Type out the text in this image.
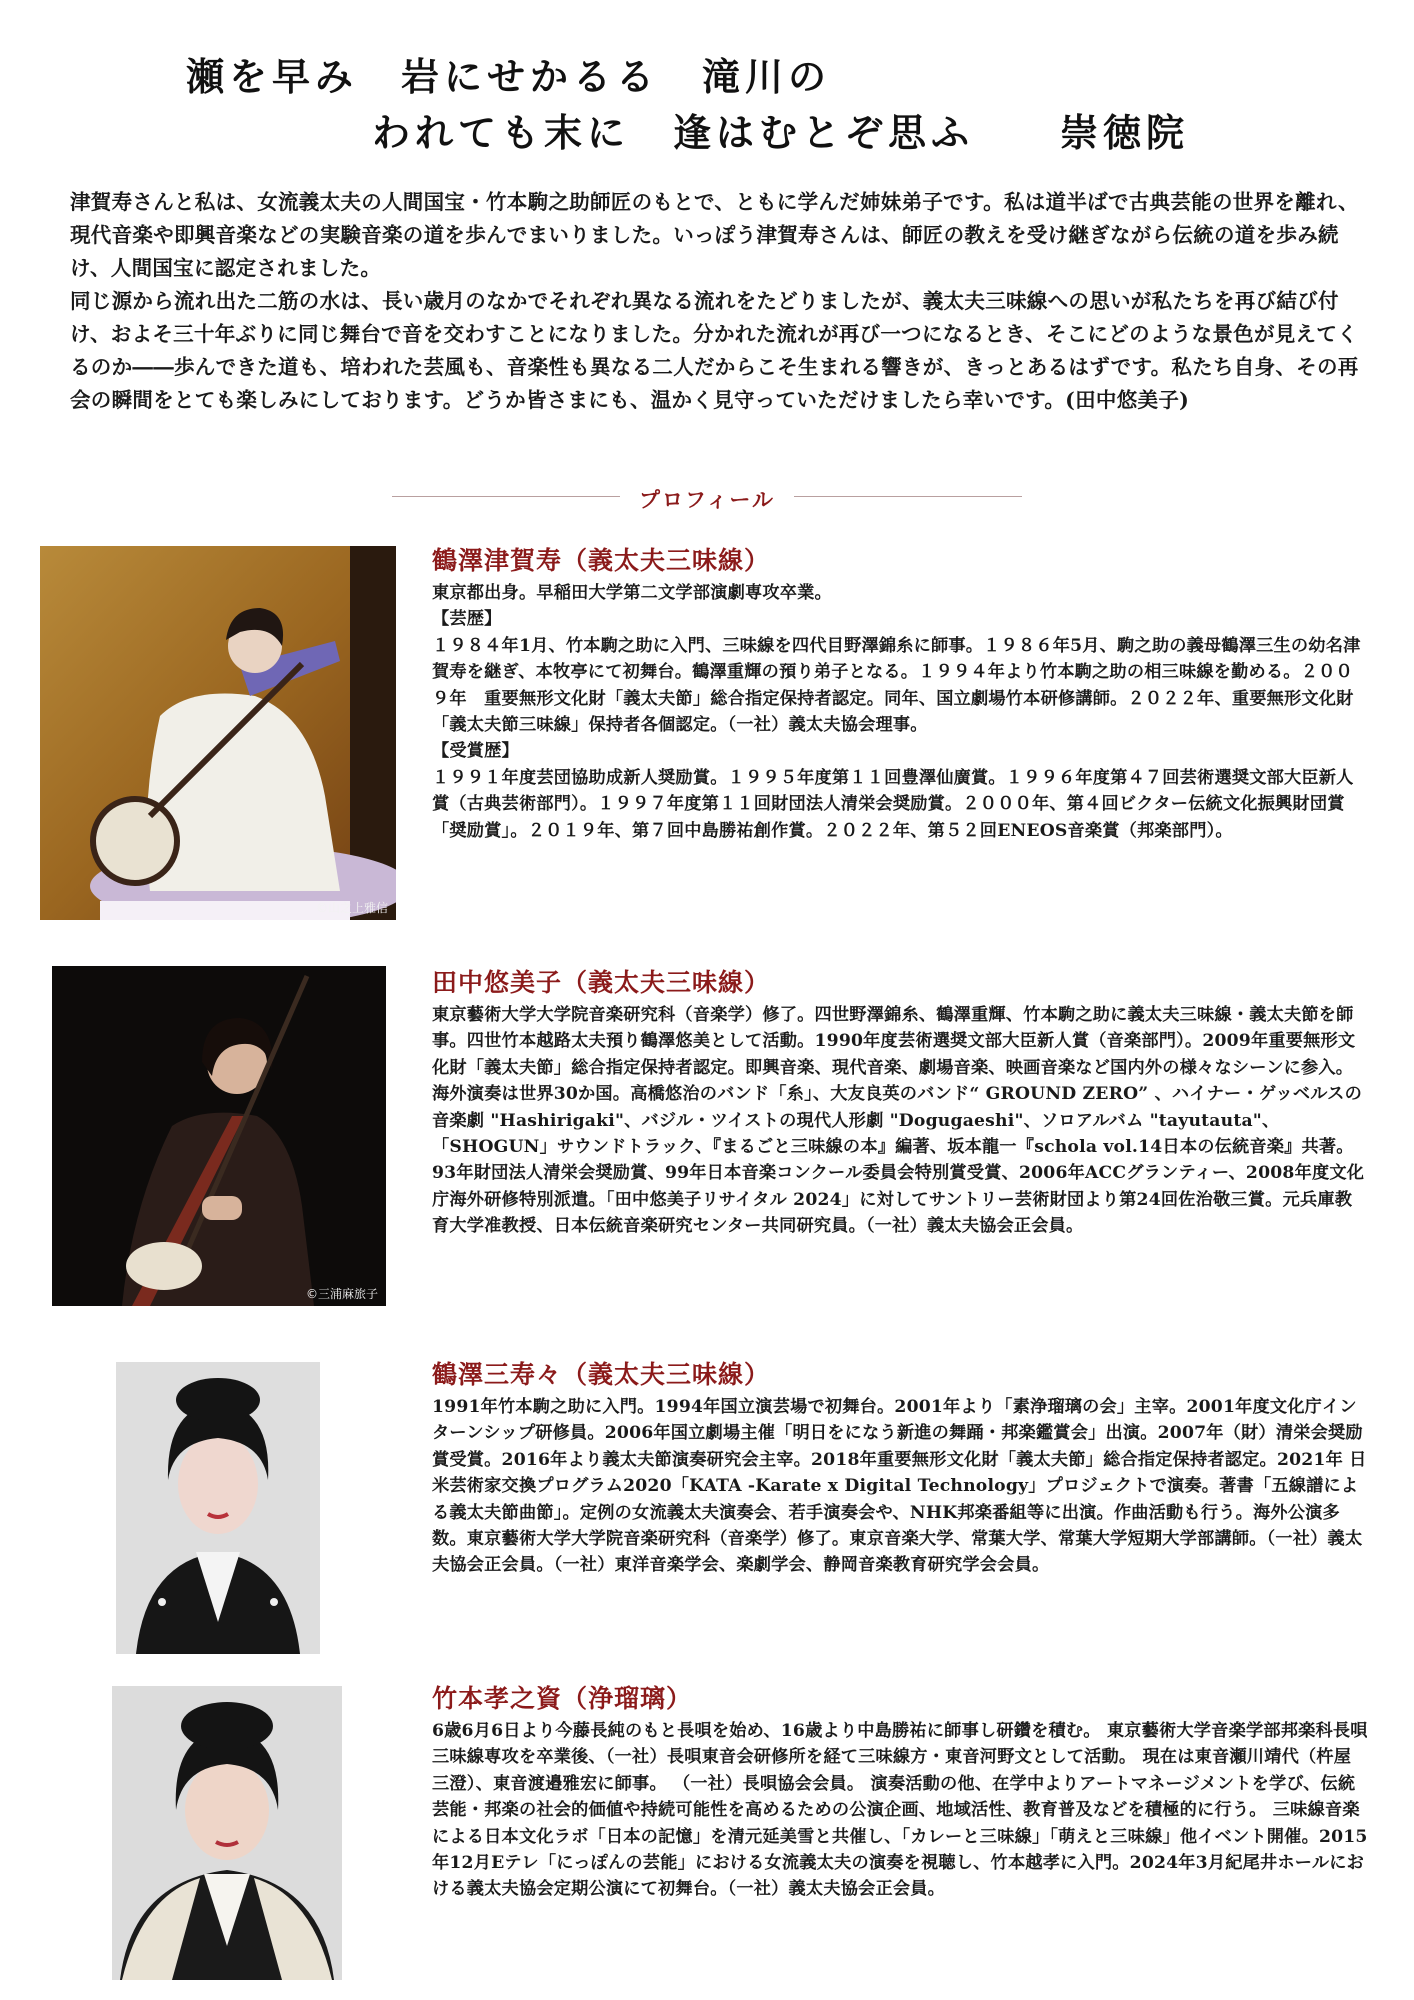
瀬を早み　岩にせかるる　滝川の
われても末に　逢はむとぞ思ふ　　崇徳院

津賀寿さんと私は、女流義太夫の人間国宝・竹本駒之助師匠のもとで、ともに学んだ姉妹弟子です。私は道半ばで古典芸能の世界を離れ、現代音楽や即興音楽などの実験音楽の道を歩んでまいりました。いっぽう津賀寿さんは、師匠の教えを受け継ぎながら伝統の道を歩み続け、人間国宝に認定されました。

同じ源から流れ出た二筋の水は、長い歳月のなかでそれぞれ異なる流れをたどりましたが、義太夫三味線への思いが私たちを再び結び付け、およそ三十年ぶりに同じ舞台で音を交わすことになりました。分かれた流れが再び一つになるとき、そこにどのような景色が見えてくるのか――歩んできた道も、培われた芸風も、音楽性も異なる二人だからこそ生まれる響きが、きっとあるはずです。私たち自身、その再会の瞬間をとても楽しみにしております。どうか皆さまにも、温かく見守っていただけましたら幸いです。(田中悠美子)

プロフィール
©山之上雅信
鶴澤津賀寿（義太夫三味線）
東京都出身。早稲田大学第二文学部演劇専攻卒業。
【芸歴】
１９８４年1月、竹本駒之助に入門、三味線を四代目野澤錦糸に師事。１９８６年5月、駒之助の義母鶴澤三生の幼名津賀寿を継ぎ、本牧亭にて初舞台。鶴澤重輝の預り弟子となる。１９９４年より竹本駒之助の相三味線を勤める。２００９年　重要無形文化財「義太夫節」総合指定保持者認定。同年、国立劇場竹本研修講師。２０２２年、重要無形文化財「義太夫節三味線」保持者各個認定。（一社）義太夫協会理事。
【受賞歴】
１９９１年度芸団協助成新人奨励賞。１９９５年度第１１回豊澤仙廣賞。１９９６年度第４７回芸術選奨文部大臣新人賞（古典芸術部門）。１９９７年度第１１回財団法人清栄会奨励賞。２０００年、第４回ビクター伝統文化振興財団賞「奨励賞」。２０１９年、第７回中島勝祐創作賞。２０２２年、第５２回ENEOS音楽賞（邦楽部門）。
©三浦麻旅子
田中悠美子（義太夫三味線）
東京藝術大学大学院音楽研究科（音楽学）修了。四世野澤錦糸、鶴澤重輝、竹本駒之助に義太夫三味線・義太夫節を師事。四世竹本越路太夫預り鶴澤悠美として活動。1990年度芸術選奨文部大臣新人賞（音楽部門）。2009年重要無形文化財「義太夫節」総合指定保持者認定。即興音楽、現代音楽、劇場音楽、映画音楽など国内外の様々なシーンに参入。海外演奏は世界30か国。高橋悠治のバンド「糸」、大友良英のバンド“ GROUND ZERO” 、ハイナー・ゲッベルスの音楽劇 "Hashirigaki"、バジル・ツイストの現代人形劇 "Dogugaeshi"、ソロアルバム "tayutauta"、「SHOGUN」サウンドトラック、『まるごと三味線の本』編著、坂本龍一『schola vol.14日本の伝統音楽』共著。93年財団法人清栄会奨励賞、99年日本音楽コンクール委員会特別賞受賞、2006年ACCグランティー、2008年度文化庁海外研修特別派遣。「田中悠美子リサイタル 2024」に対してサントリー芸術財団より第24回佐治敬三賞。元兵庫教育大学准教授、日本伝統音楽研究センター共同研究員。（一社）義太夫協会正会員。
鶴澤三寿々（義太夫三味線）
1991年竹本駒之助に入門。1994年国立演芸場で初舞台。2001年より「素浄瑠璃の会」主宰。2001年度文化庁インターンシップ研修員。2006年国立劇場主催「明日をになう新進の舞踊・邦楽鑑賞会」出演。2007年（財）清栄会奨励賞受賞。2016年より義太夫節演奏研究会主宰。2018年重要無形文化財「義太夫節」総合指定保持者認定。2021年 日米芸術家交換プログラム2020「KATA -Karate x Digital Technology」プロジェクトで演奏。著書「五線譜による義太夫節曲節」。定例の女流義太夫演奏会、若手演奏会や、NHK邦楽番組等に出演。作曲活動も行う。海外公演多数。東京藝術大学大学院音楽研究科（音楽学）修了。東京音楽大学、常葉大学、常葉大学短期大学部講師。（一社）義太夫協会正会員。（一社）東洋音楽学会、楽劇学会、静岡音楽教育研究学会会員。
竹本孝之資（浄瑠璃）
6歳6月6日より今藤長純のもと長唄を始め、16歳より中島勝祐に師事し研鑽を積む。 東京藝術大学音楽学部邦楽科長唄三味線専攻を卒業後、（一社）長唄東音会研修所を経て三味線方・東音河野文として活動。 現在は東音瀬川靖代（杵屋三澄）、東音渡邉雅宏に師事。 （一社）長唄協会会員。 演奏活動の他、在学中よりアートマネージメントを学び、伝統芸能・邦楽の社会的価値や持続可能性を高めるための公演企画、地域活性、教育普及などを積極的に行う。 三味線音楽による日本文化ラボ「日本の記憶」を清元延美雪と共催し、「カレーと三味線」「萌えと三味線」他イベント開催。2015年12月Eテレ「にっぽんの芸能」における女流義太夫の演奏を視聴し、竹本越孝に入門。2024年3月紀尾井ホールにおける義太夫協会定期公演にて初舞台。（一社）義太夫協会正会員。
